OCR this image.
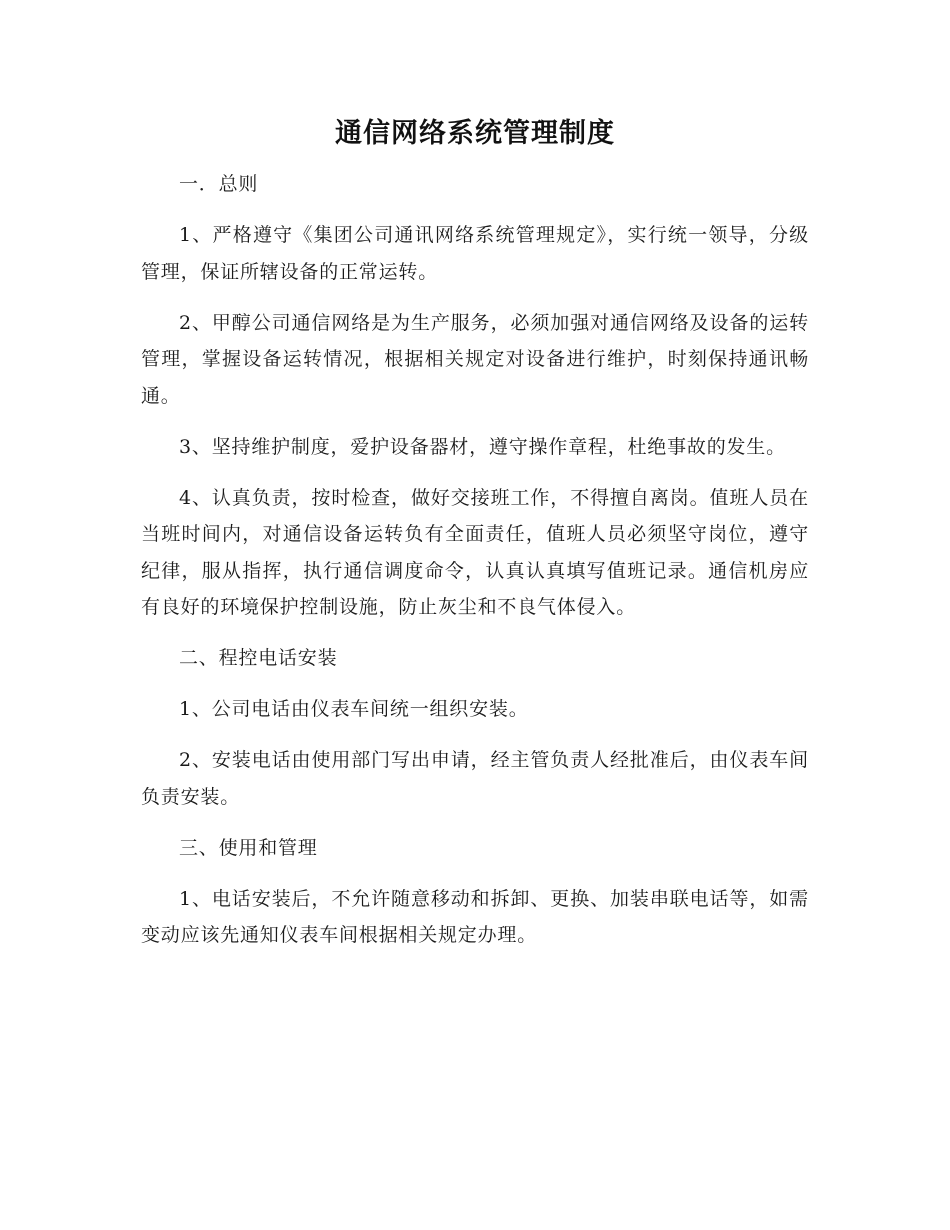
通信网络系统管理制度

一．总则

1、严格遵守《集团公司通讯网络系统管理规定》，实行统一领导，分级管理，保证所辖设备的正常运转。

2、甲醇公司通信网络是为生产服务，必须加强对通信网络及设备的运转管理，掌握设备运转情况，根据相关规定对设备进行维护，时刻保持通讯畅通。

3、坚持维护制度，爱护设备器材，遵守操作章程，杜绝事故的发生。

4、认真负责，按时检查，做好交接班工作，不得擅自离岗。值班人员在当班时间内，对通信设备运转负有全面责任，值班人员必须坚守岗位，遵守纪律，服从指挥，执行通信调度命令，认真认真填写值班记录。通信机房应有良好的环境保护控制设施，防止灰尘和不良气体侵入。

二、程控电话安装

1、公司电话由仪表车间统一组织安装。

2、安装电话由使用部门写出申请，经主管负责人经批准后，由仪表车间负责安装。

三、使用和管理

1、电话安装后，不允许随意移动和拆卸、更换、加装串联电话等，如需变动应该先通知仪表车间根据相关规定办理。
